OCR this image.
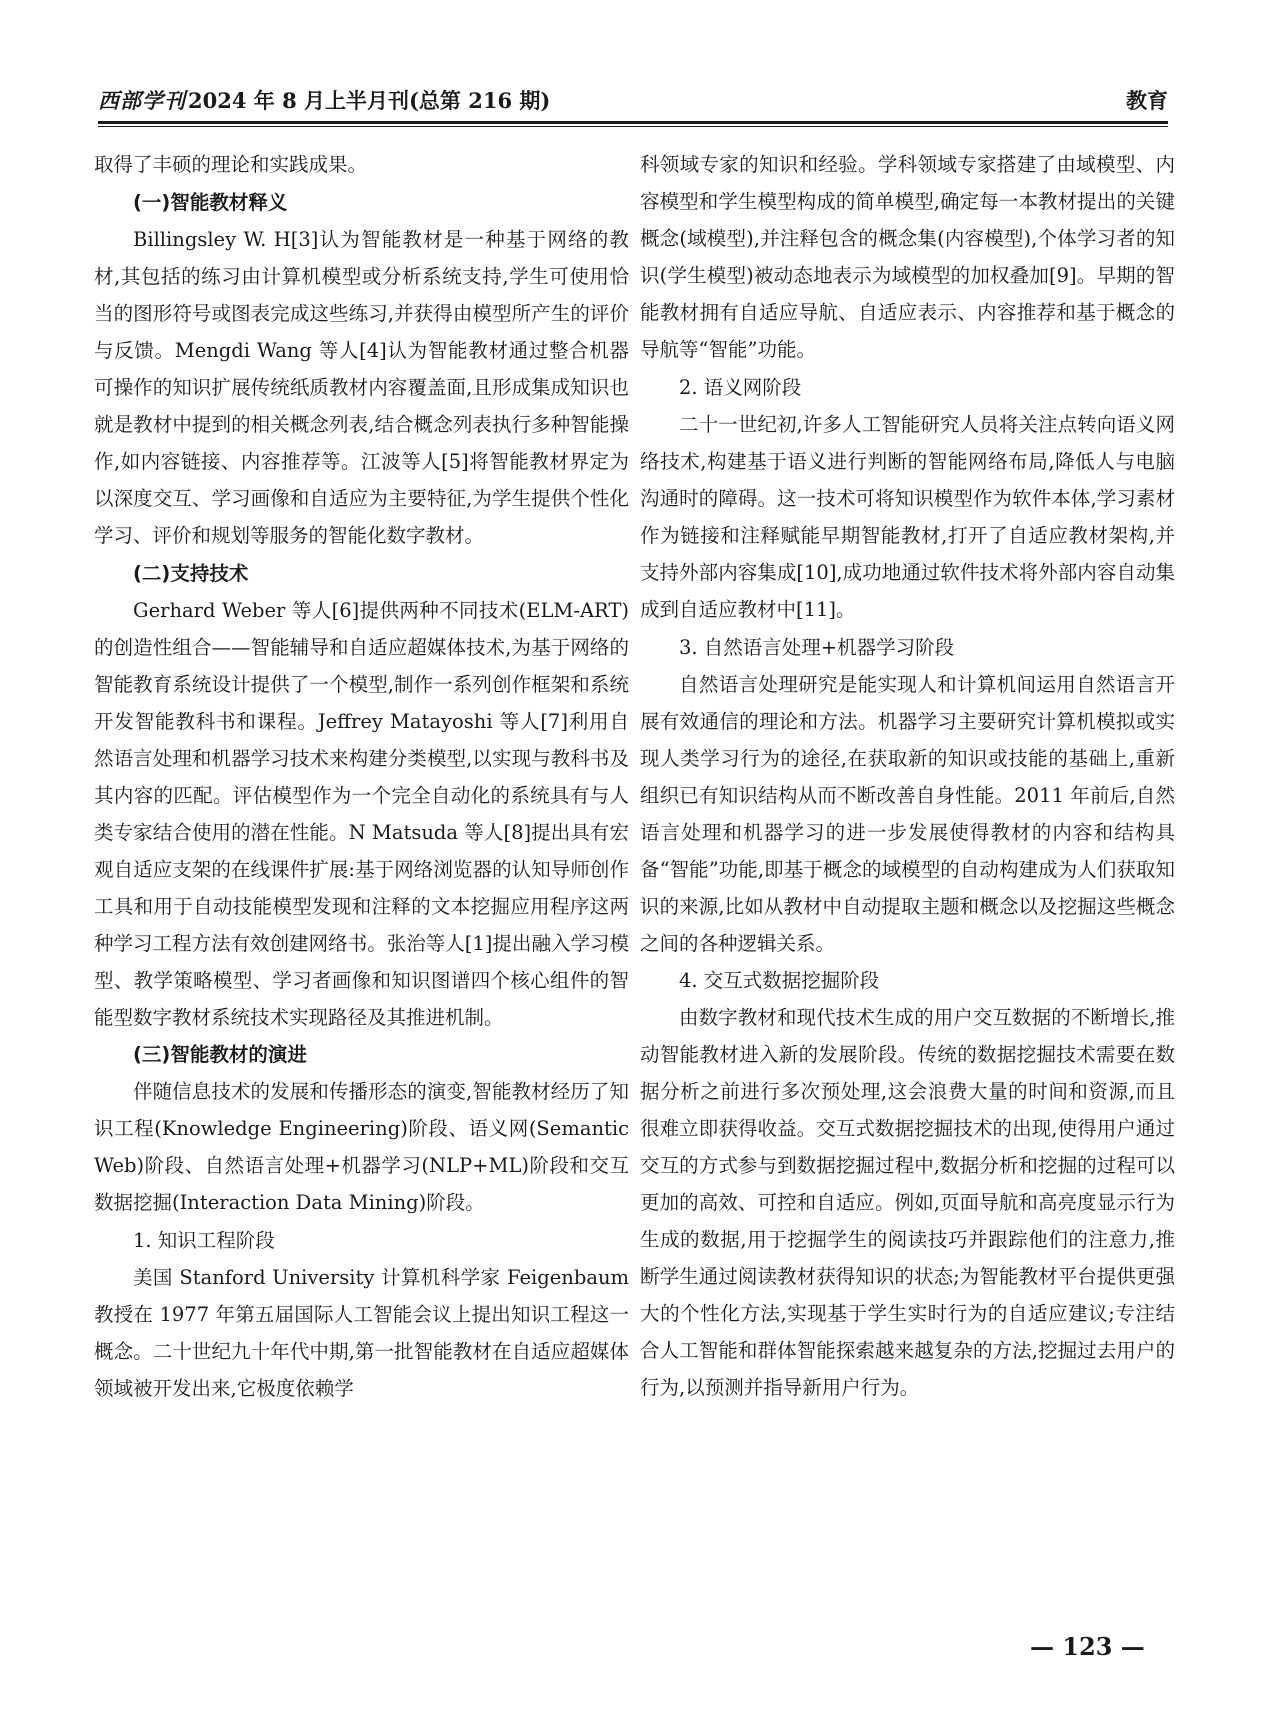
西部学刊2024 年 8 月上半月刊(总第 216 期)	教育

取得了丰硕的理论和实践成果。

(一)智能教材释义

Billingsley W. H[3]认为智能教材是一种基于网络的教材,其包括的练习由计算机模型或分析系统支持,学生可使用恰当的图形符号或图表完成这些练习,并获得由模型所产生的评价与反馈。Mengdi Wang 等人[4]认为智能教材通过整合机器可操作的知识扩展传统纸质教材内容覆盖面,且形成集成知识也就是教材中提到的相关概念列表,结合概念列表执行多种智能操作,如内容链接、内容推荐等。江波等人[5]将智能教材界定为以深度交互、学习画像和自适应为主要特征,为学生提供个性化学习、评价和规划等服务的智能化数字教材。

(二)支持技术

Gerhard Weber 等人[6]提供两种不同技术(ELM-ART)的创造性组合——智能辅导和自适应超媒体技术,为基于网络的智能教育系统设计提供了一个模型,制作一系列创作框架和系统开发智能教科书和课程。Jeffrey Matayoshi 等人[7]利用自然语言处理和机器学习技术来构建分类模型,以实现与教科书及其内容的匹配。评估模型作为一个完全自动化的系统具有与人类专家结合使用的潜在性能。N Matsuda 等人[8]提出具有宏观自适应支架的在线课件扩展:基于网络浏览器的认知导师创作工具和用于自动技能模型发现和注释的文本挖掘应用程序这两种学习工程方法有效创建网络书。张治等人[1]提出融入学习模型、教学策略模型、学习者画像和知识图谱四个核心组件的智能型数字教材系统技术实现路径及其推进机制。

(三)智能教材的演进

伴随信息技术的发展和传播形态的演变,智能教材经历了知识工程(Knowledge Engineering)阶段、语义网(Semantic Web)阶段、自然语言处理+机器学习(NLP+ML)阶段和交互数据挖掘(Interaction Data Mining)阶段。

1. 知识工程阶段

美国 Stanford University 计算机科学家 Feigenbaum 教授在 1977 年第五届国际人工智能会议上提出知识工程这一概念。二十世纪九十年代中期,第一批智能教材在自适应超媒体领域被开发出来,它极度依赖学

科领域专家的知识和经验。学科领域专家搭建了由域模型、内容模型和学生模型构成的简单模型,确定每一本教材提出的关键概念(域模型),并注释包含的概念集(内容模型),个体学习者的知识(学生模型)被动态地表示为域模型的加权叠加[9]。早期的智能教材拥有自适应导航、自适应表示、内容推荐和基于概念的导航等“智能”功能。

2. 语义网阶段

二十一世纪初,许多人工智能研究人员将关注点转向语义网络技术,构建基于语义进行判断的智能网络布局,降低人与电脑沟通时的障碍。这一技术可将知识模型作为软件本体,学习素材作为链接和注释赋能早期智能教材,打开了自适应教材架构,并支持外部内容集成[10],成功地通过软件技术将外部内容自动集成到自适应教材中[11]。

3. 自然语言处理+机器学习阶段

自然语言处理研究是能实现人和计算机间运用自然语言开展有效通信的理论和方法。机器学习主要研究计算机模拟或实现人类学习行为的途径,在获取新的知识或技能的基础上,重新组织已有知识结构从而不断改善自身性能。2011 年前后,自然语言处理和机器学习的进一步发展使得教材的内容和结构具备“智能”功能,即基于概念的域模型的自动构建成为人们获取知识的来源,比如从教材中自动提取主题和概念以及挖掘这些概念之间的各种逻辑关系。

4. 交互式数据挖掘阶段

由数字教材和现代技术生成的用户交互数据的不断增长,推动智能教材进入新的发展阶段。传统的数据挖掘技术需要在数据分析之前进行多次预处理,这会浪费大量的时间和资源,而且很难立即获得收益。交互式数据挖掘技术的出现,使得用户通过交互的方式参与到数据挖掘过程中,数据分析和挖掘的过程可以更加的高效、可控和自适应。例如,页面导航和高亮度显示行为生成的数据,用于挖掘学生的阅读技巧并跟踪他们的注意力,推断学生通过阅读教材获得知识的状态;为智能教材平台提供更强大的个性化方法,实现基于学生实时行为的自适应建议;专注结合人工智能和群体智能探索越来越复杂的方法,挖掘过去用户的行为,以预测并指导新用户行为。

— 123 —
